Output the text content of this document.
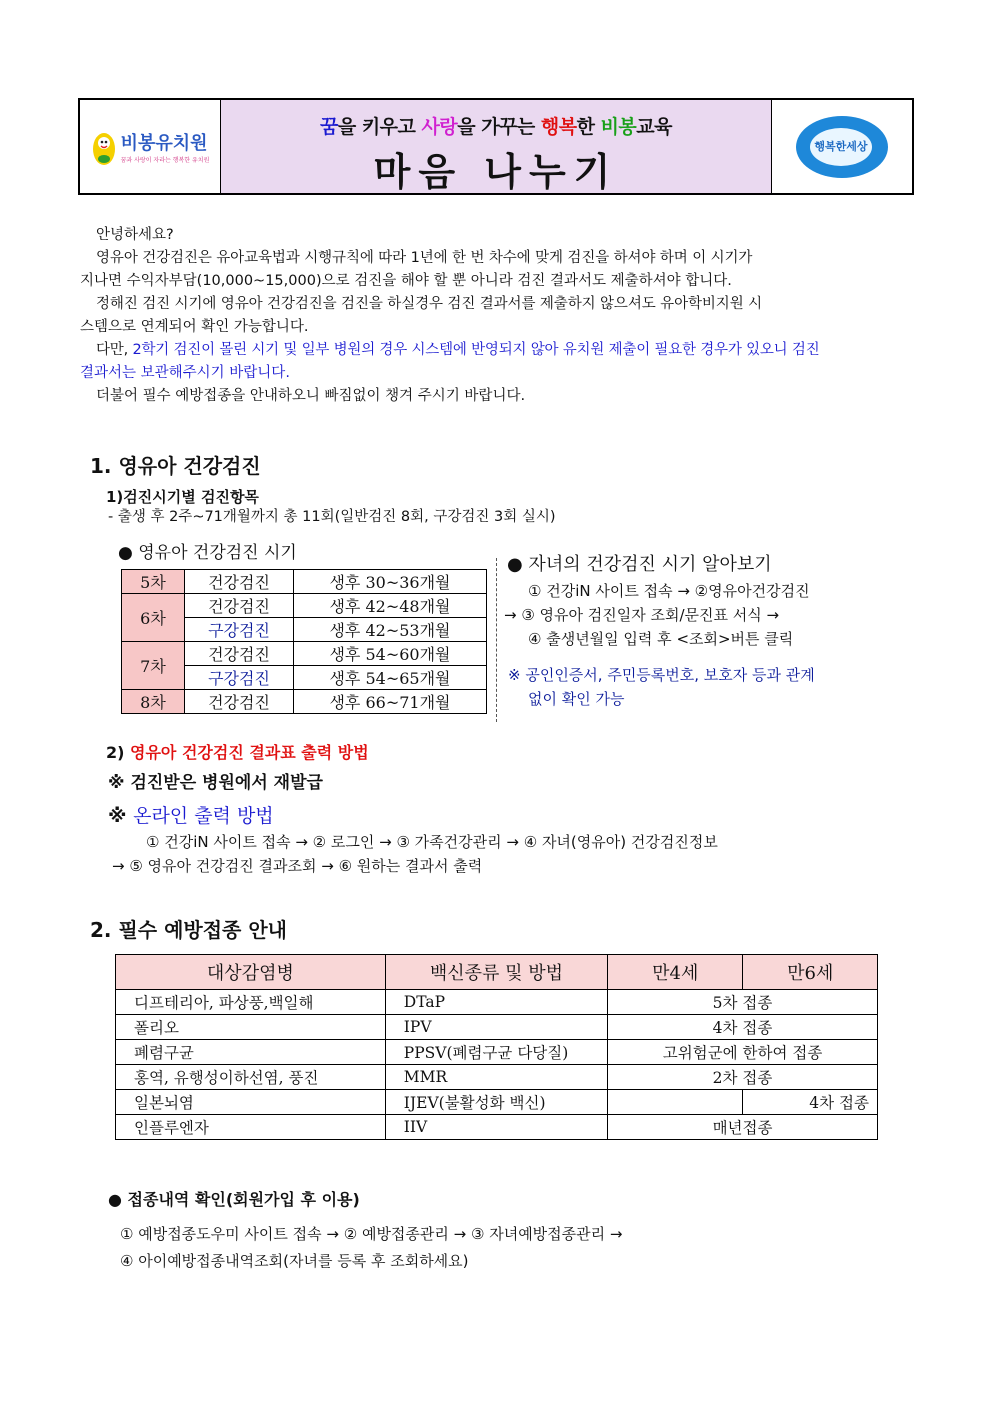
비봉유치원
꿈과 사랑이 자라는 행복한 유치원
꿈을 키우고 사랑을 가꾸는 행복한 비봉교육
마음 나누기
행복한세상
안녕하세요?
영유아 건강검진은 유아교육법과 시행규칙에 따라 1년에 한 번 차수에 맞게 검진을 하셔야 하며 이 시기가
지나면 수익자부담(10,000~15,000)으로 검진을 해야 할 뿐 아니라 검진 결과서도 제출하셔야 합니다.
정해진 검진 시기에 영유아 건강검진을 검진을 하실경우 검진 결과서를 제출하지 않으셔도 유아학비지원 시
스템으로 연계되어 확인 가능합니다.
다만, 2학기 검진이 몰린 시기 및 일부 병원의 경우 시스템에 반영되지 않아 유치원 제출이 필요한 경우가 있오니 검진
결과서는 보관해주시기 바랍니다.
더불어 필수 예방접종을 안내하오니 빠짐없이 챙겨 주시기 바랍니다.
1. 영유아 건강검진
1)검진시기별 검진항목
- 출생 후 2주~71개월까지 총 11회(일반검진 8회, 구강검진 3회 실시)
● 영유아 건강검진 시기
5차	건강검진	생후 30~36개월
6차	건강검진	생후 42~48개월
	구강검진	생후 42~53개월
7차	건강검진	생후 54~60개월
	구강검진	생후 54~65개월
8차	건강검진	생후 66~71개월
● 자녀의 건강검진 시기 알아보기
① 건강iN 사이트 접속 → ②영유아건강검진
→ ③ 영유아 검진일자 조회/문진표 서식 →
④ 출생년월일 입력 후 <조회>버튼 클릭
※ 공인인증서, 주민등록번호, 보호자 등과 관계
없이 확인 가능
2) 영유아 건강검진 결과표 출력 방법
※ 검진받은 병원에서 재발급
※ 온라인 출력 방법
① 건강iN 사이트 접속 → ② 로그인 → ③ 가족건강관리 → ④ 자녀(영유아) 건강검진정보
→ ⑤ 영유아 건강검진 결과조회 → ⑥ 원하는 결과서 출력
2. 필수 예방접종 안내
대상감염병	백신종류 및 방법	만4세	만6세
디프테리아, 파상풍,백일해	DTaP	5차 접종	
폴리오	IPV	4차 접종	
폐렴구균	PPSV(폐렴구균 다당질)	고위험군에 한하여 접종	
홍역, 유행성이하선염, 풍진	MMR	2차 접종	
일본뇌염	IJEV(불활성화 백신)		4차 접종
인플루엔자	IIV	매년접종	
● 접종내역 확인(회원가입 후 이용)
① 예방접종도우미 사이트 접속 → ② 예방접종관리 → ③ 자녀예방접종관리 →
④ 아이예방접종내역조회(자녀를 등록 후 조회하세요)
